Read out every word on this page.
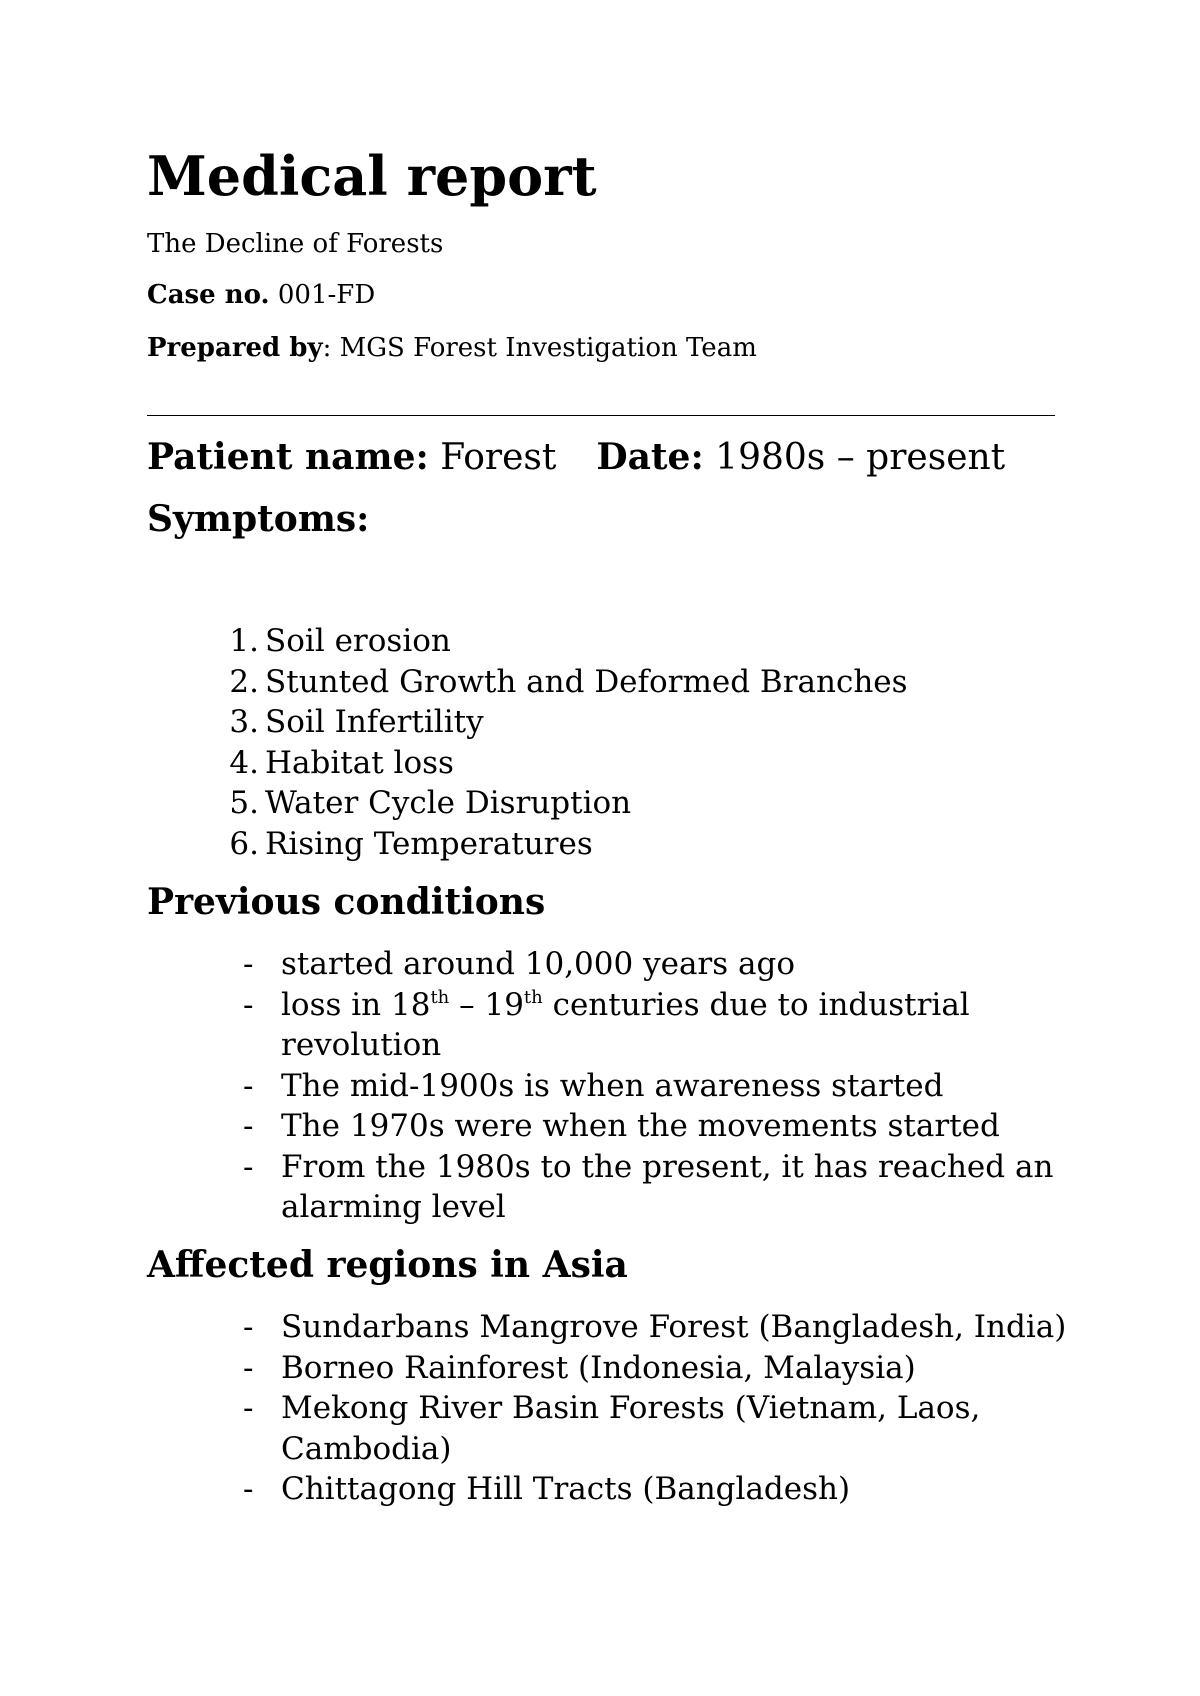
Medical report

The Decline of Forests

Case no. 001-FD

Prepared by: MGS Forest Investigation Team

Patient name: Forest Date: 1980s – present
Symptoms:
1. Soil erosion
2. Stunted Growth and Deformed Branches
3. Soil Infertility
4. Habitat loss
5. Water Cycle Disruption
6. Rising Temperatures
Previous conditions
- started around 10,000 years ago
- loss in 18th – 19th centuries due to industrial revolution
- The mid-1900s is when awareness started
- The 1970s were when the movements started
- From the 1980s to the present, it has reached an alarming level
Affected regions in Asia
- Sundarbans Mangrove Forest (Bangladesh, India)
- Borneo Rainforest (Indonesia, Malaysia)
- Mekong River Basin Forests (Vietnam, Laos, Cambodia)
- Chittagong Hill Tracts (Bangladesh)
